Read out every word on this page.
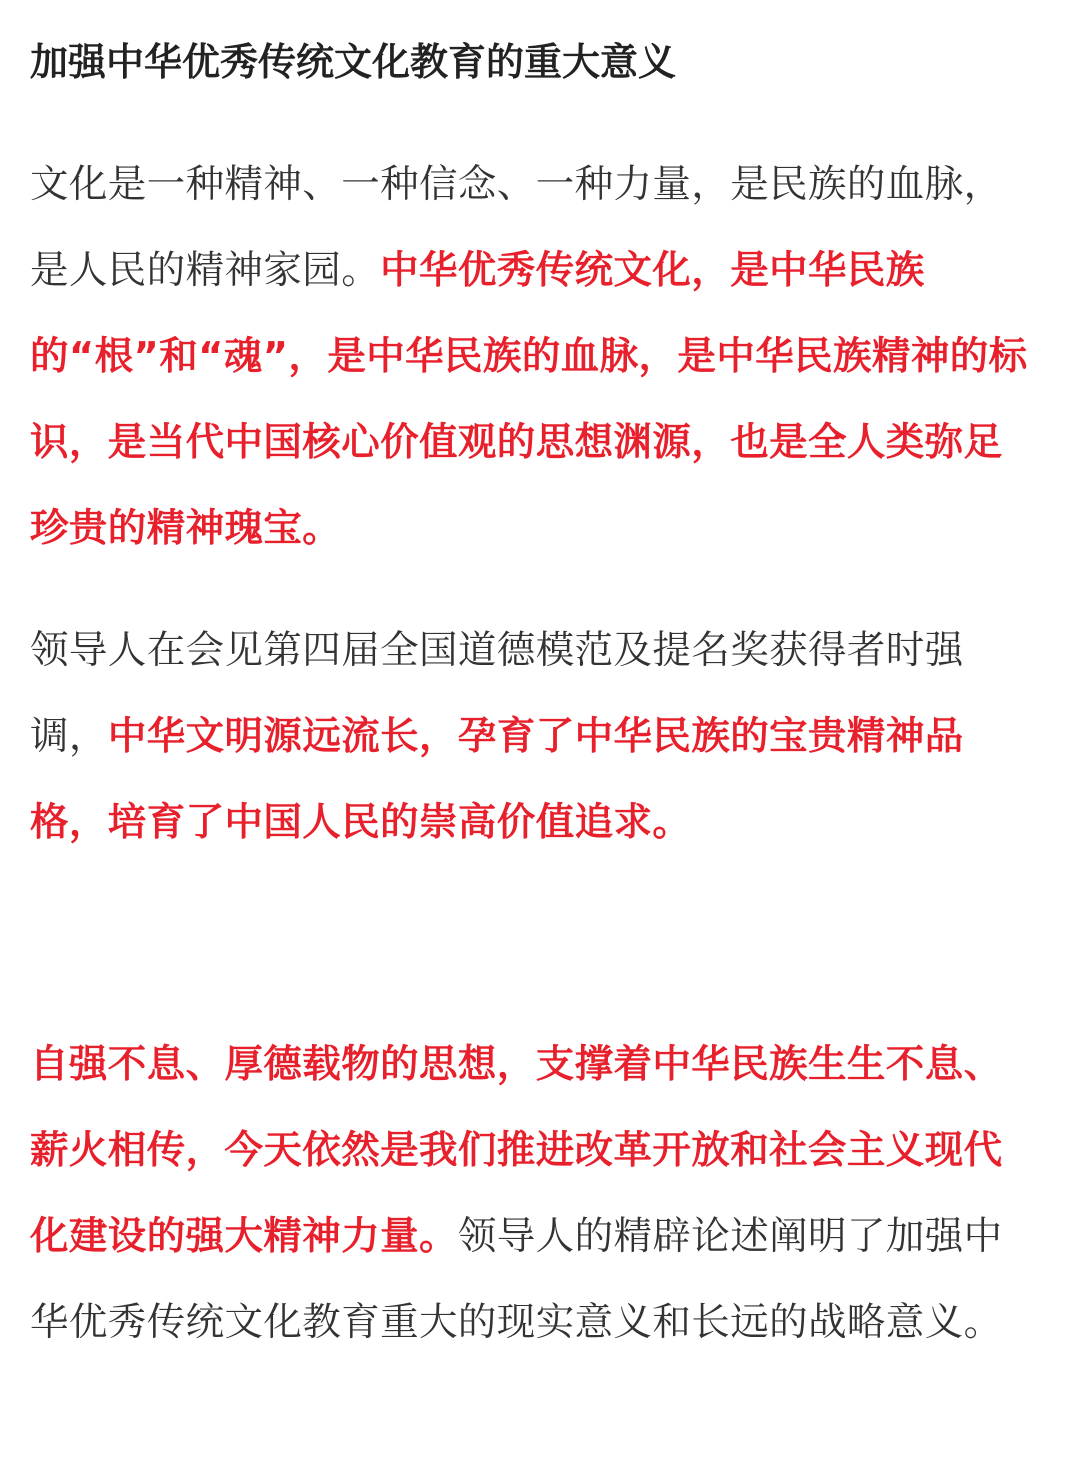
加强中华优秀传统文化教育的重大意义

文化是一种精神、一种信念、一种力量，是民族的血脉，是人民的精神家园。中华优秀传统文化，是中华民族的“根”和“魂”，是中华民族的血脉，是中华民族精神的标识，是当代中国核心价值观的思想渊源，也是全人类弥足珍贵的精神瑰宝。

领导人在会见第四届全国道德模范及提名奖获得者时强调，中华文明源远流长，孕育了中华民族的宝贵精神品格，培育了中国人民的崇高价值追求。

自强不息、厚德载物的思想，支撑着中华民族生生不息、薪火相传，今天依然是我们推进改革开放和社会主义现代化建设的强大精神力量。领导人的精辟论述阐明了加强中华优秀传统文化教育重大的现实意义和长远的战略意义。
